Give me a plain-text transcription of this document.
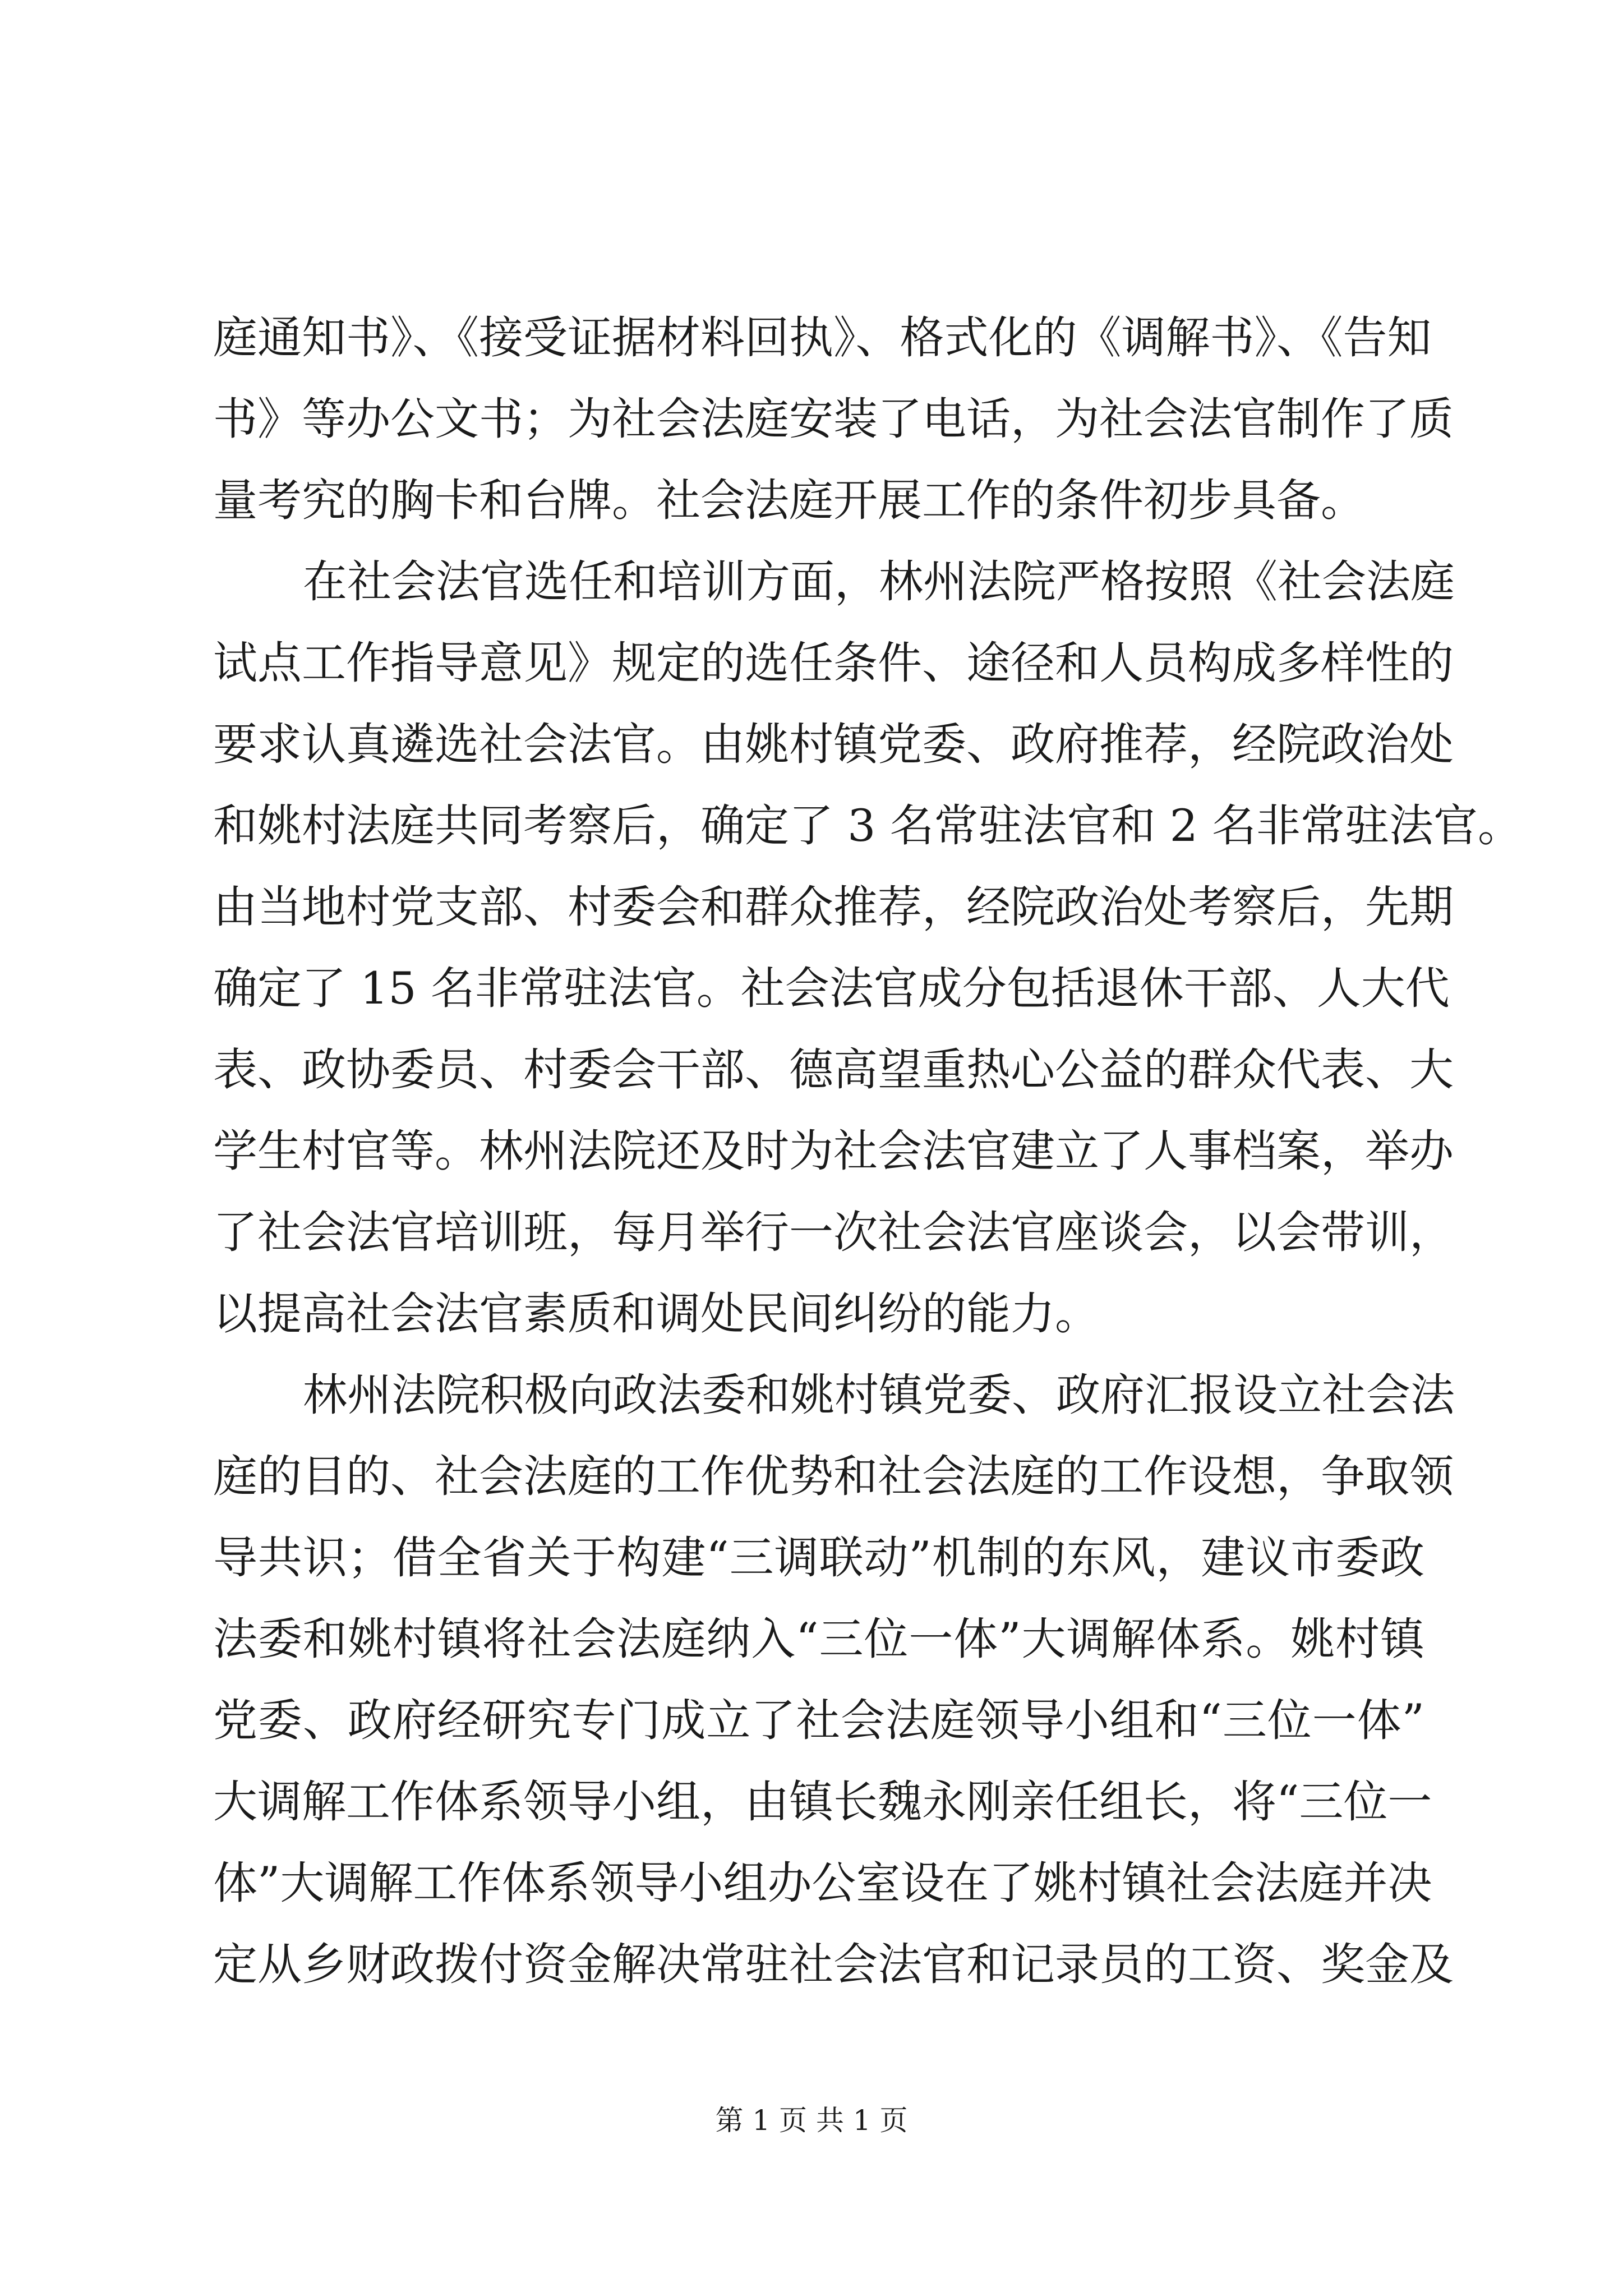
庭通知书》、《接受证据材料回执》、格式化的《调解书》、《告知
书》等办公文书；为社会法庭安装了电话，为社会法官制作了质
量考究的胸卡和台牌。社会法庭开展工作的条件初步具备。
在社会法官选任和培训方面，林州法院严格按照《社会法庭
试点工作指导意见》规定的选任条件、途径和人员构成多样性的
要求认真遴选社会法官。由姚村镇党委、政府推荐，经院政治处
和姚村法庭共同考察后，确定了 3 名常驻法官和 2 名非常驻法官。
由当地村党支部、村委会和群众推荐，经院政治处考察后，先期
确定了 15 名非常驻法官。社会法官成分包括退休干部、人大代
表、政协委员、村委会干部、德高望重热心公益的群众代表、大
学生村官等。林州法院还及时为社会法官建立了人事档案，举办
了社会法官培训班，每月举行一次社会法官座谈会，以会带训，
以提高社会法官素质和调处民间纠纷的能力。
林州法院积极向政法委和姚村镇党委、政府汇报设立社会法
庭的目的、社会法庭的工作优势和社会法庭的工作设想，争取领
导共识；借全省关于构建“三调联动”机制的东风，建议市委政
法委和姚村镇将社会法庭纳入“三位一体”大调解体系。姚村镇
党委、政府经研究专门成立了社会法庭领导小组和“三位一体”
大调解工作体系领导小组，由镇长魏永刚亲任组长，将“三位一
体”大调解工作体系领导小组办公室设在了姚村镇社会法庭并决
定从乡财政拨付资金解决常驻社会法官和记录员的工资、奖金及
第 1 页 共 1 页
